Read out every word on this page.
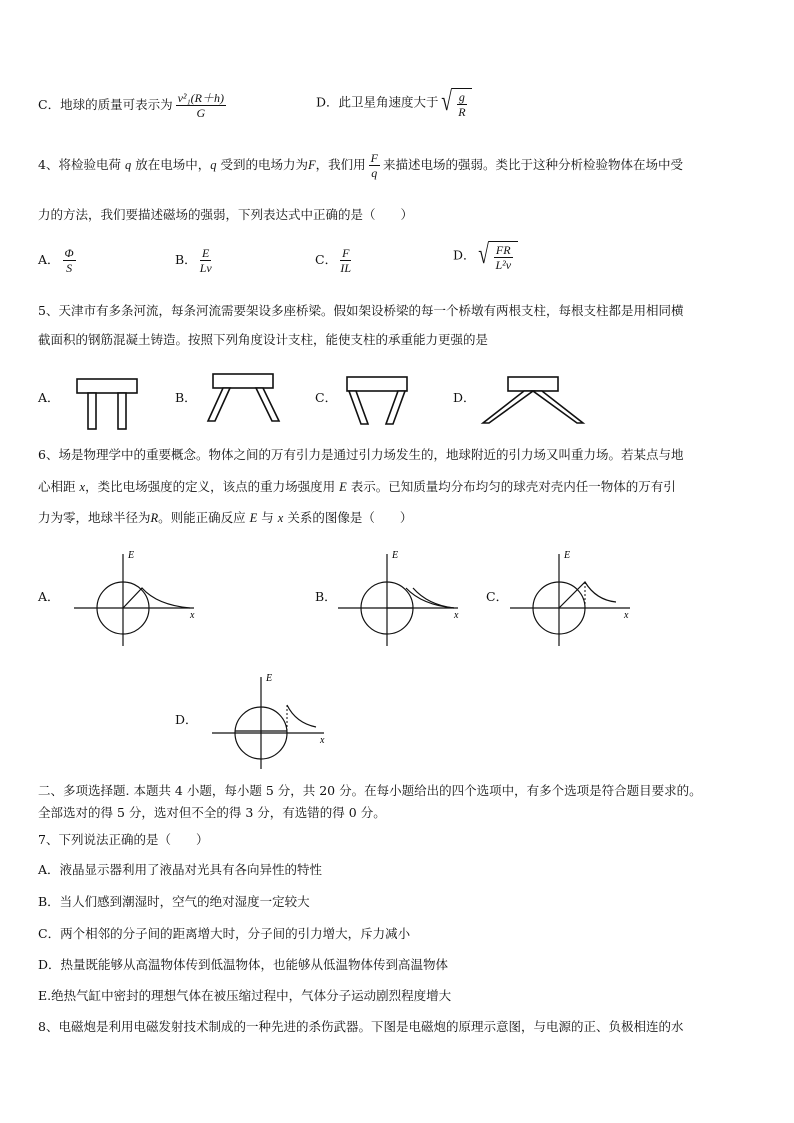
C．地球的质量可表示为 $\frac{\text{v²₁(R＋h)}}{G}$	D．此卫星角速度大于 √ $\frac{g}{R}$
4、将检验电荷 q 放在电场中，q 受到的电场力为F，我们用 $\frac{F}{q}$ 来描述电场的强弱。类比于这种分析检验物体在场中受
力的方法，我们要描述磁场的强弱，下列表达式中正确的是（　　）
A． $\frac{\Phi}{S}$	B． $\frac{E}{Lv}$	C． $\frac{F}{IL}$	D． √ $\frac{FR}{\text{L²v}}$
5、天津市有多条河流，每条河流需要架设多座桥梁。假如架设桥梁的每一个桥墩有两根支柱，每根支柱都是用相同横
截面积的钢筋混凝土铸造。按照下列角度设计支柱，能使支柱的承重能力更强的是
A．	B．	C．	D．
6、场是物理学中的重要概念。物体之间的万有引力是通过引力场发生的，地球附近的引力场又叫重力场。若某点与地
心相距 x，类比电场强度的定义，该点的重力场强度用 E 表示。已知质量均分布均匀的球壳对壳内任一物体的万有引
力为零，地球半径为R。则能正确反应 E 与 x 关系的图像是（　　）
A．
E
x
B．
E
x
C．
E
x
D．
E
x
二、多项选择题. 本题共 4 小题，每小题 5 分，共 20 分。在每小题给出的四个选项中，有多个选项是符合题目要求的。
全部选对的得 5 分，选对但不全的得 3 分，有选错的得 0 分。
7、下列说法正确的是（　　）
A．液晶显示器利用了液晶对光具有各向异性的特性
B．当人们感到潮湿时，空气的绝对湿度一定较大
C．两个相邻的分子间的距离增大时，分子间的引力增大，斥力减小
D．热量既能够从高温物体传到低温物体，也能够从低温物体传到高温物体
E.绝热气缸中密封的理想气体在被压缩过程中，气体分子运动剧烈程度增大
8、电磁炮是利用电磁发射技术制成的一种先进的杀伤武器。下图是电磁炮的原理示意图，与电源的正、负极相连的水
